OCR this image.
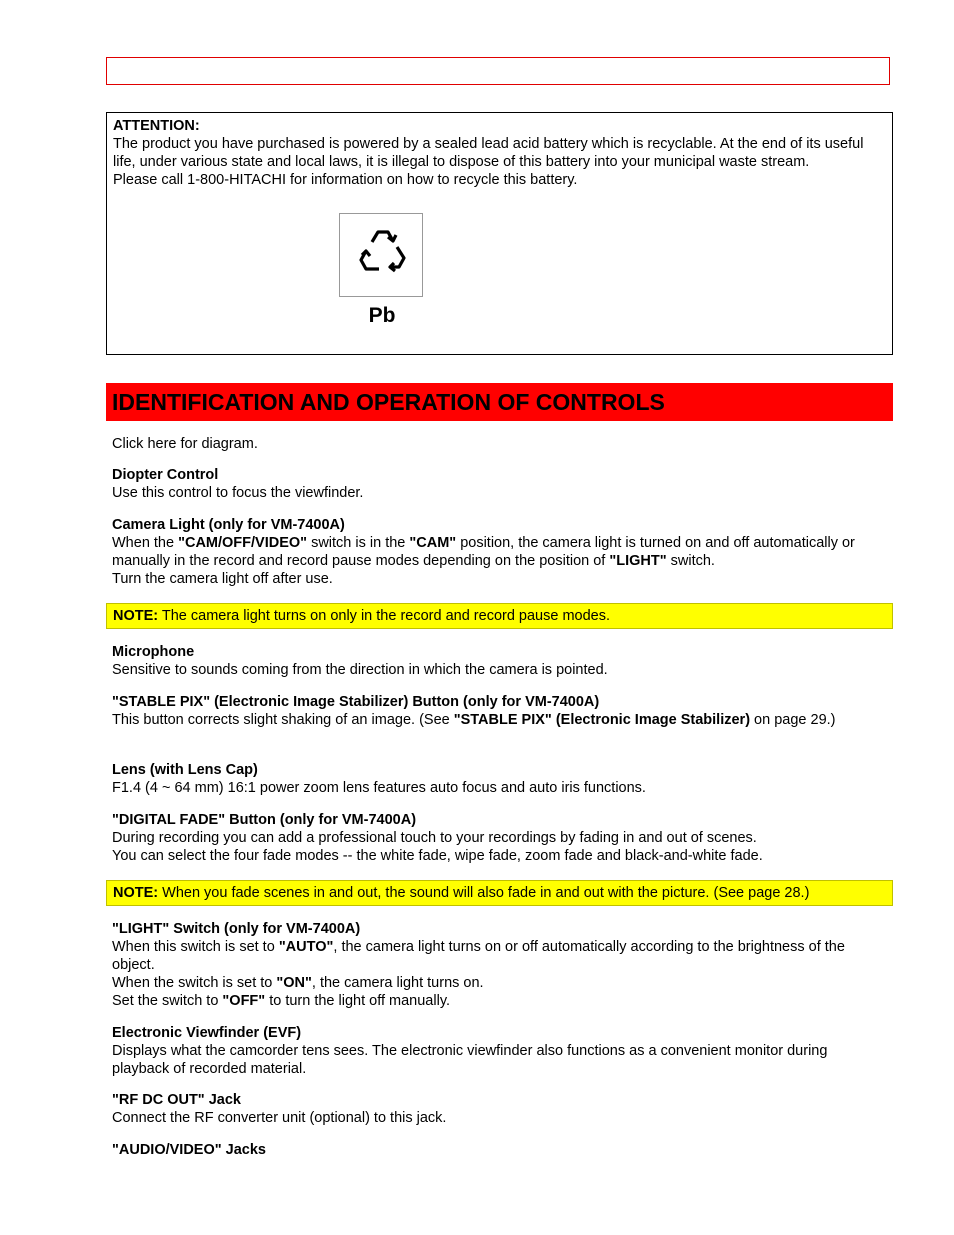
ATTENTION:
The product you have purchased is powered by a sealed lead acid battery which is recyclable. At the end of its useful life, under various state and local laws, it is illegal to dispose of this battery into your municipal waste stream.
Please call 1-800-HITACHI for information on how to recycle this battery.
Pb
IDENTIFICATION AND OPERATION OF CONTROLS
Click here for diagram.
Diopter Control
Use this control to focus the viewfinder.
Camera Light (only for VM-7400A)
When the "CAM/OFF/VIDEO" switch is in the "CAM" position, the camera light is turned on and off automatically or manually in the record and record pause modes depending on the position of "LIGHT" switch.
Turn the camera light off after use.
NOTE: The camera light turns on only in the record and record pause modes.
Microphone
Sensitive to sounds coming from the direction in which the camera is pointed.
"STABLE PIX" (Electronic Image Stabilizer) Button (only for VM-7400A)
This button corrects slight shaking of an image. (See "STABLE PIX" (Electronic Image Stabilizer) on page 29.)
Lens (with Lens Cap)
F1.4 (4 ~ 64 mm) 16:1 power zoom lens features auto focus and auto iris functions.
"DIGITAL FADE" Button (only for VM-7400A)
During recording you can add a professional touch to your recordings by fading in and out of scenes.
You can select the four fade modes -- the white fade, wipe fade, zoom fade and black-and-white fade.
NOTE: When you fade scenes in and out, the sound will also fade in and out with the picture. (See page 28.)
"LIGHT" Switch (only for VM-7400A)
When this switch is set to "AUTO", the camera light turns on or off automatically according to the brightness of the object.
When the switch is set to "ON", the camera light turns on.
Set the switch to "OFF" to turn the light off manually.
Electronic Viewfinder (EVF)
Displays what the camcorder tens sees. The electronic viewfinder also functions as a convenient monitor during playback of recorded material.
"RF DC OUT" Jack
Connect the RF converter unit (optional) to this jack.
"AUDIO/VIDEO" Jacks
